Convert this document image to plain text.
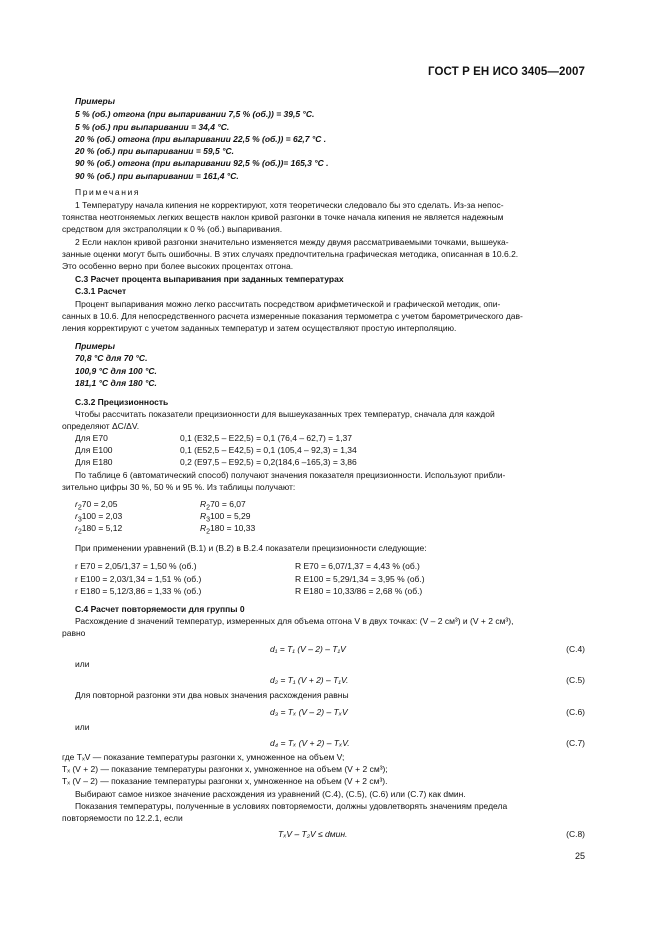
ГОСТ Р ЕН ИСО 3405—2007
Примеры
5 % (об.) отгона (при выпаривании 7,5 % (об.)) = 39,5 °С.
5 % (об.) при выпаривании = 34,4 °С.
20 % (об.) отгона (при выпаривании 22,5 % (об.)) = 62,7 °С .
20 % (об.) при выпаривании = 59,5 °С.
90 % (об.) отгона (при выпаривании 92,5 % (об.))= 165,3 °С .
90 % (об.) при выпаривании = 161,4 °С.
Примечания
1 Температуру начала кипения не корректируют, хотя теоретически следовало бы это сделать. Из-за непос-
тоянства неотгоняемых легких веществ наклон кривой разгонки в точке начала кипения не является надежным
средством для экстраполяции к 0 % (об.) выпаривания.
2 Если наклон кривой разгонки значительно изменяется между двумя рассматриваемыми точками, вышеука-
занные оценки могут быть ошибочны. В этих случаях предпочтительна графическая методика, описанная в 10.6.2.
Это особенно верно при более высоких процентах отгона.
С.3 Расчет процента выпаривания при заданных температурах
С.3.1 Расчет
Процент выпаривания можно легко рассчитать посредством арифметической и графической методик, опи-
санных в 10.6. Для непосредственного расчета измеренные показания термометра с учетом барометрического дав-
ления корректируют с учетом заданных температур и затем осуществляют простую интерполяцию.
Примеры
70,8 °С для 70 °С.
100,9 °С для 100 °С.
181,1 °С для 180 °С.
С.3.2 Прецизионность
Чтобы рассчитать показатели прецизионности для вышеуказанных трех температур, сначала для каждой
определяют ΔC/ΔV.
Для Е70	0,1 (Е32,5 – Е22,5) = 0,1 (76,4 – 62,7) = 1,37
Для Е100	0,1 (Е52,5 – Е42,5) = 0,1 (105,4 – 92,3) = 1,34
Для Е180	0,2 (Е97,5 – Е92,5) = 0,2(184,6 –165,3) = 3,86
По таблице 6 (автоматический способ) получают значения показателя прецизионности. Используют прибли-
зительно цифры 30 %, 50 % и 95 %. Из таблицы получают:
$r_270 = 2,05$	$R_270 = 6,07$
$r_3100 = 2,03$	$R_3100 = 5,29$
$r_2180 = 5,12$	$R_2180 = 10,33$
При применении уравнений (В.1) и (В.2) в В.2.4 показатели прецизионности следующие:
r Е70 = 2,05/1,37 = 1,50 % (об.)	R Е70 = 6,07/1,37 = 4,43 % (об.)
r Е100 = 2,03/1,34 = 1,51 % (об.)	R Е100 = 5,29/1,34 = 3,95 % (об.)
r Е180 = 5,12/3,86 = 1,33 % (об.)	R Е180 = 10,33/86 = 2,68 % (об.)
С.4 Расчет повторяемости для группы 0
Расхождение d значений температур, измеренных для объема отгона V в двух точках: (V – 2 см³) и (V + 2 см³),
равно
d₁ = T₁ (V – 2) – T₁V	(С.4)
или
d₂ = T₁ (V + 2) – T₁V.	(С.5)
Для повторной разгонки эти два новых значения расхождения равны
d₃ = Tₓ (V – 2) – TₓV	(С.6)
или
d₄ = Tₓ (V + 2) – TₓV.	(С.7)
где TₓV — показание температуры разгонки x, умноженное на объем V;
Tₓ (V + 2) — показание температуры разгонки x, умноженное на объем (V + 2 см³);
Tₓ (V – 2) — показание температуры разгонки x, умноженное на объем (V + 2 см³).
Выбирают самое низкое значение расхождения из уравнений (С.4), (С.5), (С.6) или (С.7) как dмин.
Показания температуры, полученные в условиях повторяемости, должны удовлетворять значениям предела
повторяемости по 12.2.1, если
TₓV – T₂V ≤ dмин.	(С.8)
25
